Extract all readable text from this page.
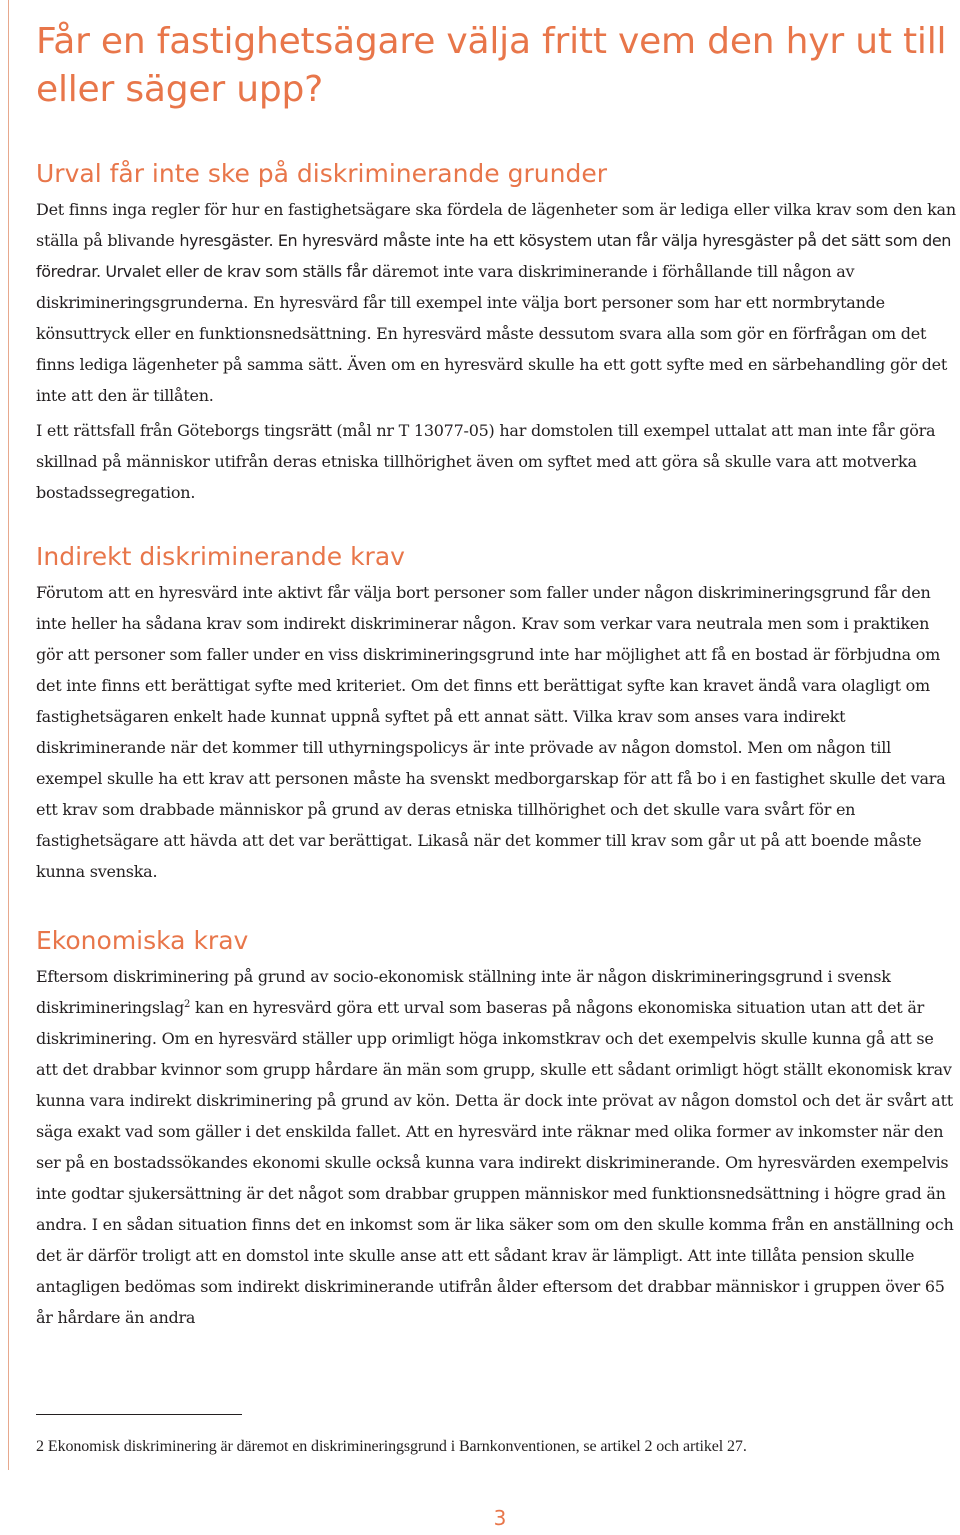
Får en fastighetsägare välja fritt vem den hyr ut till eller säger upp?
Urval får inte ske på diskriminerande grunder

Det finns inga regler för hur en fastighetsägare ska fördela de lägenheter som är lediga eller vilka krav som den kan ställa på blivande hyresgäster. En hyresvärd måste inte ha ett kösystem utan får välja hyresgäster på det sätt som den föredrar. Urvalet eller de krav som ställs får däremot inte vara diskriminerande i förhållande till någon av diskrimineringsgrunderna. En hyresvärd får till exempel inte välja bort personer som har ett normbrytande könsuttryck eller en funktionsnedsättning. En hyresvärd måste dessutom svara alla som gör en förfrågan om det finns lediga lägenheter på samma sätt. Även om en hyresvärd skulle ha ett gott syfte med en särbehandling gör det inte att den är tillåten.

I ett rättsfall från Göteborgs tingsrätt (mål nr T 13077-05) har domstolen till exempel uttalat att man inte får göra skillnad på människor utifrån deras etniska tillhörighet även om syftet med att göra så skulle vara att motverka bostadssegregation.

Indirekt diskriminerande krav

Förutom att en hyresvärd inte aktivt får välja bort personer som faller under någon diskrimineringsgrund får den inte heller ha sådana krav som indirekt diskriminerar någon. Krav som verkar vara neutrala men som i praktiken gör att personer som faller under en viss diskrimineringsgrund inte har möjlighet att få en bostad är förbjudna om det inte finns ett berättigat syfte med kriteriet. Om det finns ett berättigat syfte kan kravet ändå vara olagligt om fastighetsägaren enkelt hade kunnat uppnå syftet på ett annat sätt. Vilka krav som anses vara indirekt diskriminerande när det kommer till uthyrningspolicys är inte prövade av någon domstol. Men om någon till exempel skulle ha ett krav att personen måste ha svenskt medborgarskap för att få bo i en fastighet skulle det vara ett krav som drabbade människor på grund av deras etniska tillhörighet och det skulle vara svårt för en fastighetsägare att hävda att det var berättigat. Likaså när det kommer till krav som går ut på att boende måste kunna svenska.

Ekonomiska krav

Eftersom diskriminering på grund av socio-ekonomisk ställning inte är någon diskrimineringsgrund i svensk diskrimineringslag$^2$ kan en hyresvärd göra ett urval som baseras på någons ekonomiska situation utan att det är diskriminering. Om en hyresvärd ställer upp orimligt höga inkomstkrav och det exempelvis skulle kunna gå att se att det drabbar kvinnor som grupp hårdare än män som grupp, skulle ett sådant orimligt högt ställt ekonomisk krav kunna vara indirekt diskriminering på grund av kön. Detta är dock inte prövat av någon domstol och det är svårt att säga exakt vad som gäller i det enskilda fallet. Att en hyresvärd inte räknar med olika former av inkomster när den ser på en bostadssökandes ekonomi skulle också kunna vara indirekt diskriminerande. Om hyresvärden exempelvis inte godtar sjukersättning är det något som drabbar gruppen människor med funktionsnedsättning i högre grad än andra. I en sådan situation finns det en inkomst som är lika säker som om den skulle komma från en anställning och det är därför troligt att en domstol inte skulle anse att ett sådant krav är lämpligt. Att inte tillåta pension skulle antagligen bedömas som indirekt diskriminerande utifrån ålder eftersom det drabbar människor i gruppen över 65 år hårdare än andra

2 Ekonomisk diskriminering är däremot en diskrimineringsgrund i Barnkonventionen, se artikel 2 och artikel 27.
3
